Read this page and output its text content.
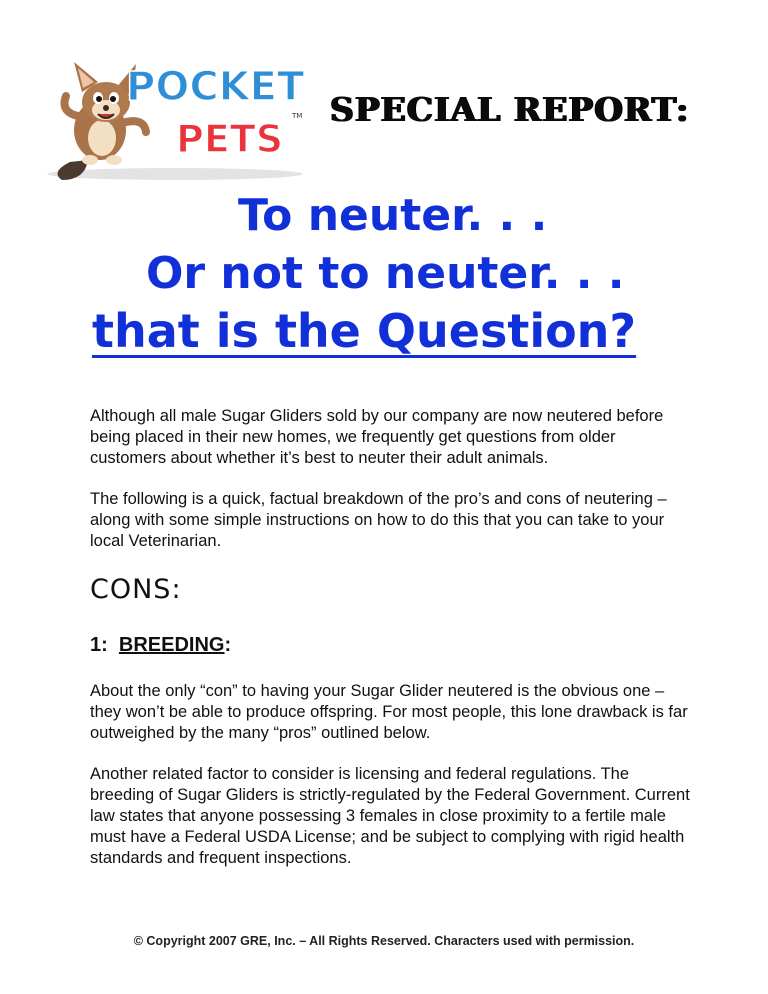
POCKET
PETS
TM SPECIAL REPORT:
To neuter. . .
Or not to neuter. . .
that is the Question?

Although all male Sugar Gliders sold by our company are now neutered before being placed in their new homes, we frequently get questions from older customers about whether it’s best to neuter their adult animals.

The following is a quick, factual breakdown of the pro’s and cons of neutering – along with some simple instructions on how to do this that you can take to your local Veterinarian.

CONS:
1: BREEDING:

About the only “con” to having your Sugar Glider neutered is the obvious one – they won’t be able to produce offspring. For most people, this lone drawback is far outweighed by the many “pros” outlined below.

Another related factor to consider is licensing and federal regulations. The breeding of Sugar Gliders is strictly-regulated by the Federal Government. Current law states that anyone possessing 3 females in close proximity to a fertile male must have a Federal USDA License; and be subject to complying with rigid health standards and frequent inspections.

© Copyright 2007 GRE, Inc. – All Rights Reserved. Characters used with permission.
